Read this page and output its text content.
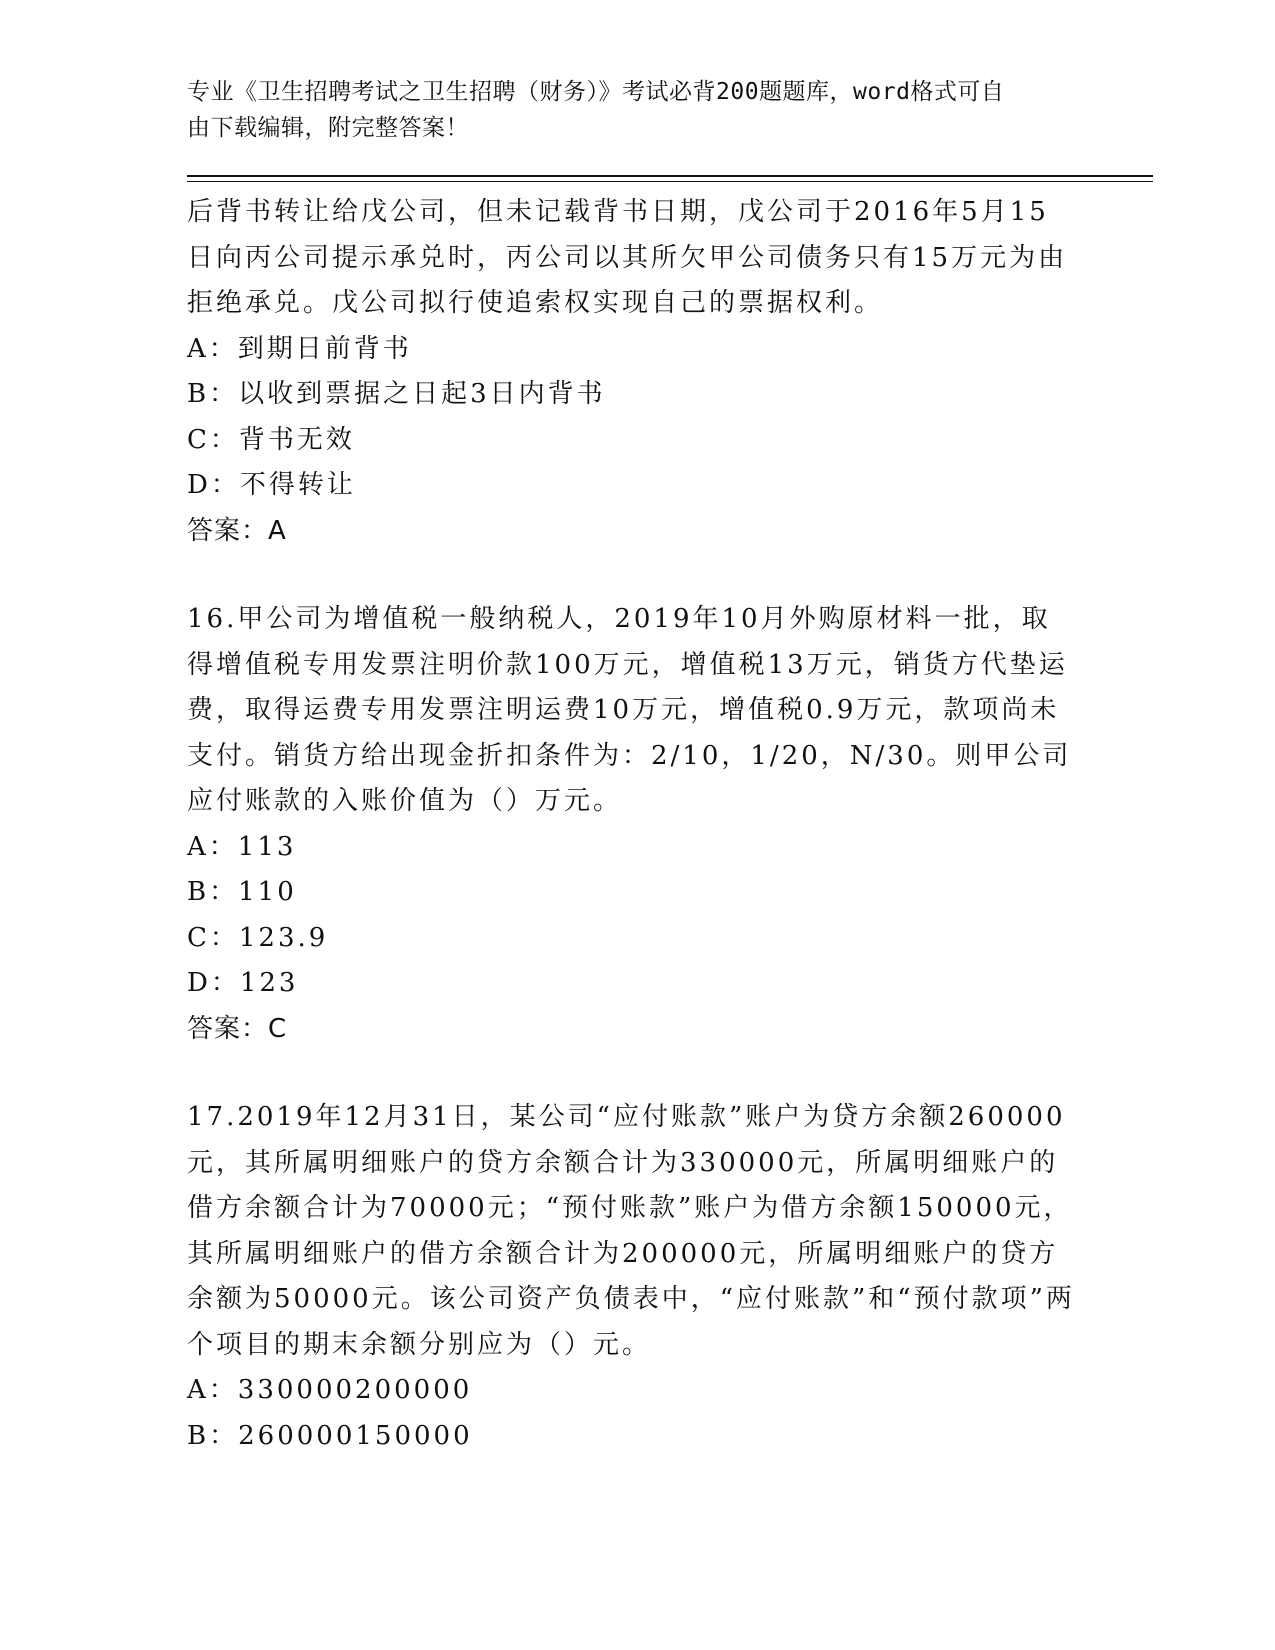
专业《卫生招聘考试之卫生招聘（财务）》考试必背200题题库，word格式可自
由下载编辑，附完整答案！

后背书转让给戊公司，但未记载背书日期，戊公司于2016年5月15日向丙公司提示承兑时，丙公司以其所欠甲公司债务只有15万元为由拒绝承兑。戊公司拟行使追索权实现自己的票据权利。

A：到期日前背书

B：以收到票据之日起3日内背书

C：背书无效

D：不得转让

答案：A

16.甲公司为增值税一般纳税人，2019年10月外购原材料一批，取得增值税专用发票注明价款100万元，增值税13万元，销货方代垫运费，取得运费专用发票注明运费10万元，增值税0.9万元，款项尚未支付。销货方给出现金折扣条件为：2/10，1/20，N/30。则甲公司应付账款的入账价值为（）万元。

A：113

B：110

C：123.9

D：123

答案：C

17.2019年12月31日，某公司“应付账款”账户为贷方余额260000元，其所属明细账户的贷方余额合计为330000元，所属明细账户的借方余额合计为70000元；“预付账款”账户为借方余额150000元，其所属明细账户的借方余额合计为200000元，所属明细账户的贷方余额为50000元。该公司资产负债表中，“应付账款”和“预付款项”两个项目的期末余额分别应为（）元。

A：330000200000

B：260000150000
